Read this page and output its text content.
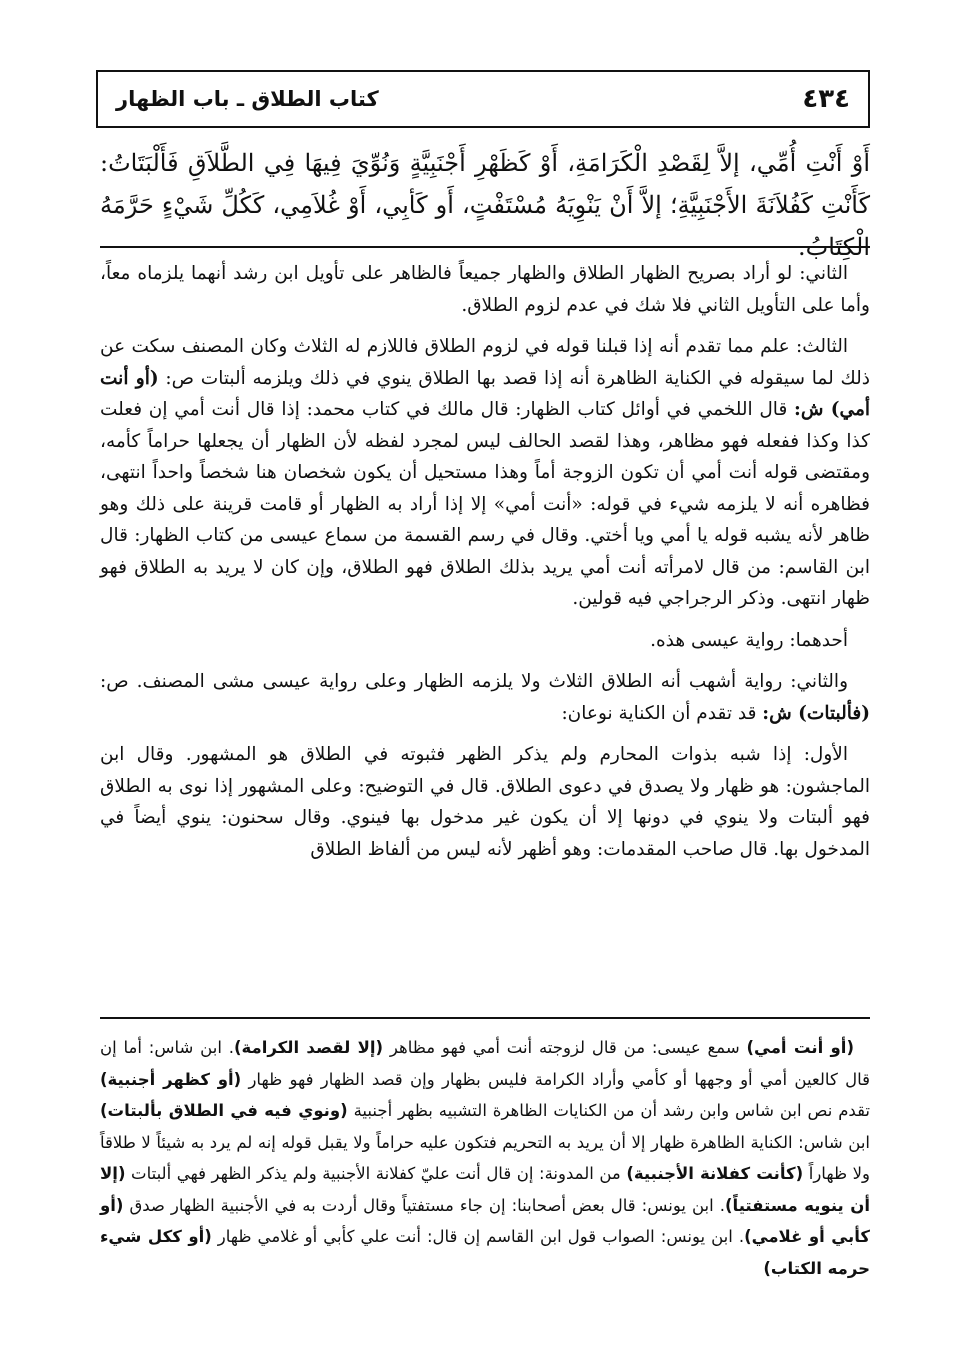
٤٣٤
كتاب الطلاق ـ باب الظهار
أَوْ أَنْتِ أُمِّي، إلاَّ لِقَصْدِ الْكَرَامَةِ، أَوْ كَظَهْرِ أَجْنَبِيَّةٍ وَنُوِّيَ فِيهَا فِي الطَّلاَقِ فَأَلْبَتَاتُ: كَأَنْتِ كَفُلاَنَةَ الأَجْنَبِيَّةِ؛ إلاَّ أَنْ يَنْوِيَهُ مُسْتَفْتٍ، أَو كَأبِي، أَوْ غُلاَمِي، كَكُلِّ شَيْءٍ حَرَّمَهُ الْكِتَابُ.

الثاني: لو أراد بصريح الظهار الطلاق والظهار جميعاً فالظاهر على تأويل ابن رشد أنهما يلزماه معاً، وأما على التأويل الثاني فلا شك في عدم لزوم الطلاق.

الثالث: علم مما تقدم أنه إذا قبلنا قوله في لزوم الطلاق فاللازم له الثلاث وكان المصنف سكت عن ذلك لما سيقوله في الكناية الظاهرة أنه إذا قصد بها الطلاق ينوي في ذلك ويلزمه ألبتات ص: (أو أنت أمي) ش: قال اللخمي في أوائل كتاب الظهار: قال مالك في كتاب محمد: إذا قال أنت أمي إن فعلت كذا وكذا ففعله فهو مظاهر، وهذا لقصد الحالف ليس لمجرد لفظه لأن الظهار أن يجعلها حراماً كأمه، ومقتضى قوله أنت أمي أن تكون الزوجة أماً وهذا مستحيل أن يكون شخصان هنا شخصاً واحداً انتهى، فظاهره أنه لا يلزمه شيء في قوله: «أنت أمي» إلا إذا أراد به الظهار أو قامت قرينة على ذلك وهو ظاهر لأنه يشبه قوله يا أمي ويا أختي. وقال في رسم القسمة من سماع عيسى من كتاب الظهار: قال ابن القاسم: من قال لامرأته أنت أمي يريد بذلك الطلاق فهو الطلاق، وإن كان لا يريد به الطلاق فهو ظهار انتهى. وذكر الرجراجي فيه قولين.

أحدهما: رواية عيسى هذه.

والثاني: رواية أشهب أنه الطلاق الثلاث ولا يلزمه الظهار وعلى رواية عيسى مشى المصنف. ص: (فألبتات) ش: قد تقدم أن الكناية نوعان:

الأول: إذا شبه بذوات المحارم ولم يذكر الظهر فثبوته في الطلاق هو المشهور. وقال ابن الماجشون: هو ظهار ولا يصدق في دعوى الطلاق. قال في التوضيح: وعلى المشهور إذا نوى به الطلاق فهو ألبتات ولا ينوي في دونها إلا أن يكون غير مدخول بها فينوي. وقال سحنون: ينوي أيضاً في المدخول بها. قال صاحب المقدمات: وهو أظهر لأنه ليس من ألفاظ الطلاق

(أو أنت أمي) سمع عيسى: من قال لزوجته أنت أمي فهو مظاهر (إلا لقصد الكرامة). ابن شاس: أما إن قال كالعين أمي أو وجهها أو كأمي وأراد الكرامة فليس بظهار وإن قصد الظهار فهو ظهار (أو كظهر أجنبية) تقدم نص ابن شاس وابن رشد أن من الكنايات الظاهرة التشبيه بظهر أجنبية (ونوي فيه في الطلاق بألبتات) ابن شاس: الكناية الظاهرة ظهار إلا أن يريد به التحريم فتكون عليه حراماً ولا يقبل قوله إنه لم يرد به شيئاً لا طلاقاً ولا ظهاراً (كأنت كفلانة الأجنبية) من المدونة: إن قال أنت عليّ كفلانة الأجنبية ولم يذكر الظهر فهي ألبتات (إلا أن ينويه مستفتياً). ابن يونس: قال بعض أصحابنا: إن جاء مستفتياً وقال أردت به في الأجنبية الظهار صدق (أو كأبي أو غلامي). ابن يونس: الصواب قول ابن القاسم إن قال: أنت علي كأبي أو غلامي ظهار (أو ككل شيء حرمه الكتاب)
